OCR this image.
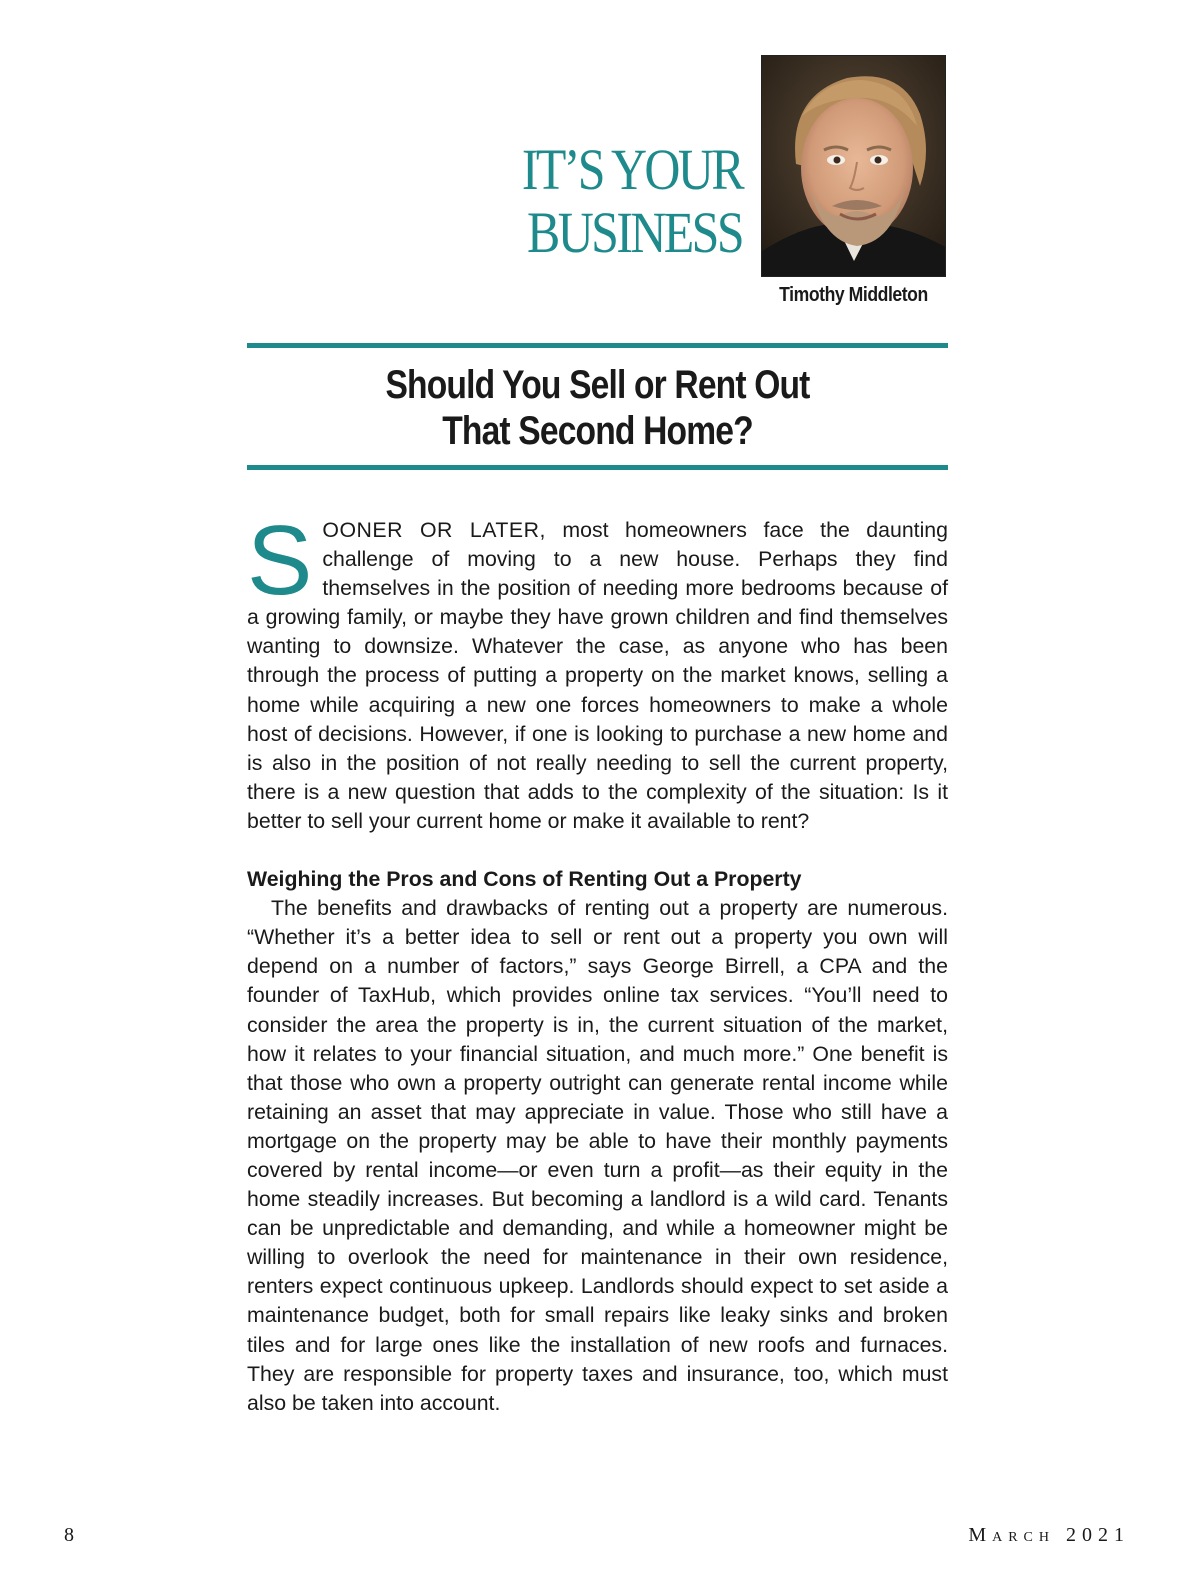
IT’S YOUR
BUSINESS
Timothy Middleton
Should You Sell or Rent Out
That Second Home?

SOONER OR LATER, most homeowners face the daunting challenge of moving to a new house. Perhaps they find themselves in the position of needing more bedrooms because of a growing family, or maybe they have grown children and find themselves wanting to downsize. Whatever the case, as anyone who has been through the process of putting a property on the market knows, selling a home while acquiring a new one forces homeowners to make a whole host of decisions. However, if one is looking to purchase a new home and is also in the position of not really needing to sell the current property, there is a new question that adds to the complexity of the situation: Is it better to sell your current home or make it available to rent?

Weighing the Pros and Cons of Renting Out a Property

The benefits and drawbacks of renting out a property are numerous. “Whether it’s a better idea to sell or rent out a property you own will depend on a number of factors,” says George Birrell, a CPA and the founder of TaxHub, which provides online tax services. “You’ll need to consider the area the property is in, the current situation of the market, how it relates to your financial situation, and much more.” One benefit is that those who own a property outright can generate rental income while retaining an asset that may appreciate in value. Those who still have a mortgage on the property may be able to have their monthly payments covered by rental income—or even turn a profit—as their equity in the home steadily increases. But becoming a landlord is a wild card. Tenants can be unpredictable and demanding, and while a homeowner might be willing to overlook the need for maintenance in their own residence, renters expect continuous upkeep. Landlords should expect to set aside a maintenance budget, both for small repairs like leaky sinks and broken tiles and for large ones like the installation of new roofs and furnaces. They are responsible for property taxes and insurance, too, which must also be taken into account.

8	March 2021
